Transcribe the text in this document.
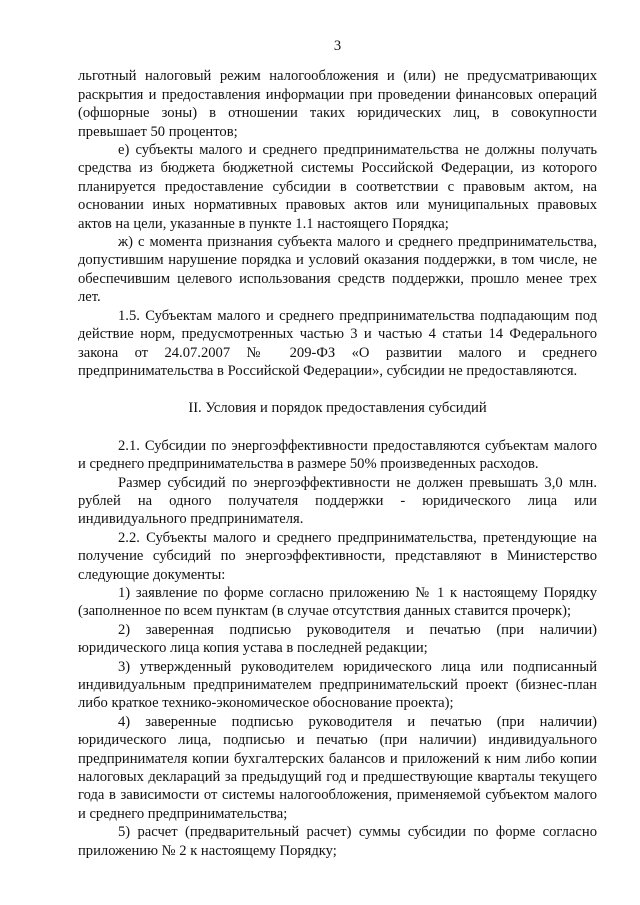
3

льготный налоговый режим налогообложения и (или) не предусматривающих раскрытия и предоставления информации при проведении финансовых операций (офшорные зоны) в отношении таких юридических лиц, в совокупности превышает 50 процентов;

е) субъекты малого и среднего предпринимательства не должны получать средства из бюджета бюджетной системы Российской Федерации, из которого планируется предоставление субсидии в соответствии с правовым актом, на основании иных нормативных правовых актов или муниципальных правовых актов на цели, указанные в пункте 1.1 настоящего Порядка;

ж) с момента признания субъекта малого и среднего предпринимательства, допустившим нарушение порядка и условий оказания поддержки, в том числе, не обеспечившим целевого использования средств поддержки, прошло менее трех лет.

1.5. Субъектам малого и среднего предпринимательства подпадающим под действие норм, предусмотренных частью 3 и частью 4 статьи 14 Федерального закона от 24.07.2007 № 209-ФЗ «О развитии малого и среднего предпринимательства в Российской Федерации», субсидии не предоставляются.

II. Условия и порядок предоставления субсидий

2.1. Субсидии по энергоэффективности предоставляются субъектам малого и среднего предпринимательства в размере 50% произведенных расходов.

Размер субсидий по энергоэффективности не должен превышать 3,0 млн. рублей на одного получателя поддержки - юридического лица или индивидуального предпринимателя.

2.2. Субъекты малого и среднего предпринимательства, претендующие на получение субсидий по энергоэффективности, представляют в Министерство следующие документы:

1) заявление по форме согласно приложению № 1 к настоящему Порядку (заполненное по всем пунктам (в случае отсутствия данных ставится прочерк);

2) заверенная подписью руководителя и печатью (при наличии) юридического лица копия устава в последней редакции;

3) утвержденный руководителем юридического лица или подписанный индивидуальным предпринимателем предпринимательский проект (бизнес-план либо краткое технико-экономическое обоснование проекта);

4) заверенные подписью руководителя и печатью (при наличии) юридического лица, подписью и печатью (при наличии) индивидуального предпринимателя копии бухгалтерских балансов и приложений к ним либо копии налоговых деклараций за предыдущий год и предшествующие кварталы текущего года в зависимости от системы налогообложения, применяемой субъектом малого и среднего предпринимательства;

5) расчет (предварительный расчет) суммы субсидии по форме согласно приложению № 2 к настоящему Порядку;
